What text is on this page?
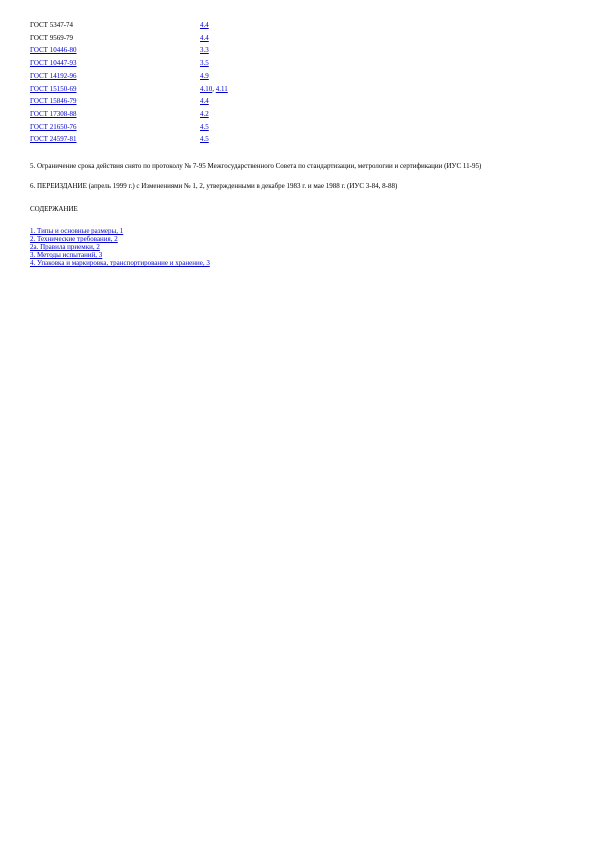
ГОСТ 5347-74	4.4
ГОСТ 9569-79	4.4
ГОСТ 10446-80	3.3
ГОСТ 10447-93	3.5
ГОСТ 14192-96	4.9
ГОСТ 15150-69	4.10, 4.11
ГОСТ 15846-79	4.4
ГОСТ 17308-88	4.2
ГОСТ 21650-76	4.5
ГОСТ 24597-81	4.5

5. Ограничение срока действия снято по протоколу № 7-95 Межгосударственного Совета по стандартизации, метрологии и сертификации (ИУС 11-95)

6. ПЕРЕИЗДАНИЕ (апрель 1999 г.) с Изменениями № 1, 2, утвержденными в декабре 1983 г. и мае 1988 г. (ИУС 3-84, 8-88)

СОДЕРЖАНИЕ

1. Типы и основные размеры, 1
2. Технические требования, 2
2а. Правила приемки, 2
3. Методы испытаний, 3
4. Упаковка и маркировка, транспортирование и хранение, 3
